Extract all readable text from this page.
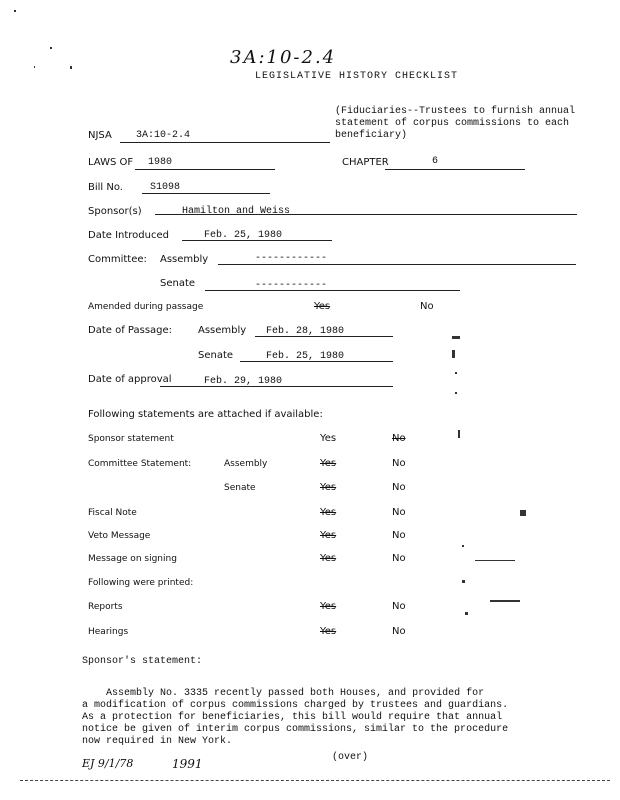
3A:10-2.4
LEGISLATIVE HISTORY CHECKLIST
(Fiduciaries--Trustees to furnish annual
statement of corpus commissions to each
beneficiary)
NJSA 3A:10-2.4
LAWS OF 1980	CHAPTER	6
Bill No.	S1098
Sponsor(s)	Hamilton and Weiss
Date Introduced	Feb. 25, 1980
Committee: Assembly	------------
Senate	------------
Amended during passage	Yes	No
Date of Passage:	Assembly Feb. 28, 1980
Senate	Feb. 25, 1980
Date of approval	Feb. 29, 1980
Following statements are attached if available:
Sponsor statement	Yes	No
Committee Statement:	Assembly	Yes	No
Senate	Yes	No
Fiscal Note	Yes	No
Veto Message	Yes	No
Message on signing	Yes	No
Following were printed:
Reports	Yes	No
Hearings	Yes	No
Sponsor's statement:
Assembly No. 3335 recently passed both Houses, and provided for
a modification of corpus commissions charged by trustees and guardians.
As a protection for beneficiaries, this bill would require that annual
notice be given of interim corpus commissions, similar to the procedure
now required in New York.
EJ 9/1/78	1991	(over)
